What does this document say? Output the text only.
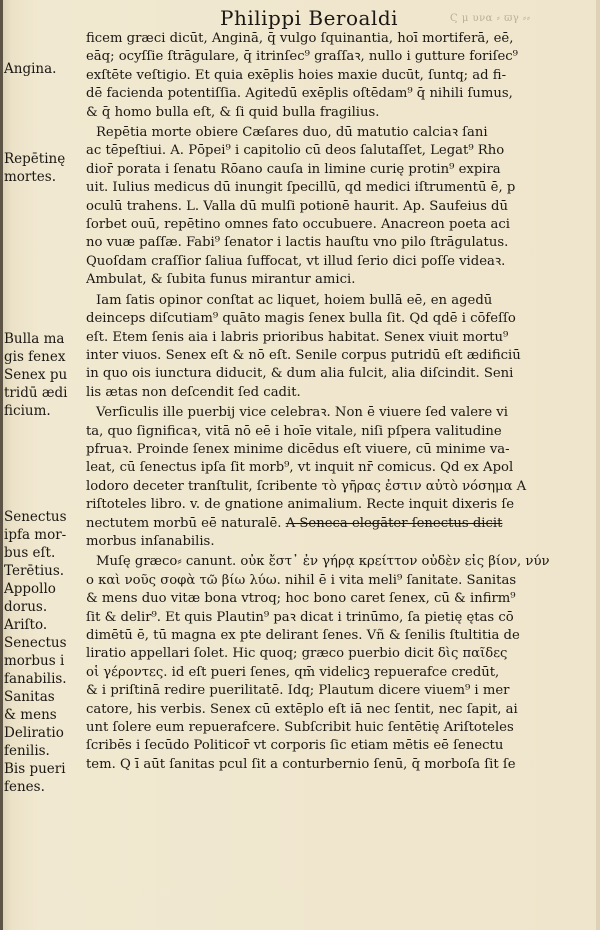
Philippi Beroaldi	Ϛ μ υνα ⸗ ϖγ ⸗⸗
Angina.
Repētinę
mortes.
Bulla ma
gis fenex
Senex pu
tridū ædi
ficium.
Senectus
ipfa mor‑
bus eſt.
Terētius.
Appollo
dorus.
Ariſto.
Senectus
morbus i
fanabilis.
Sanitas
& mens
Deliratio
fenilis.
Bis pueri
fenes.
ficem græci dicūt, Anginā, q̄ vulgo ſquinantia, hoī mortiferā, eē,
eāq; ocyſſie ſtrāgulare, q̄ itrinſec⁹ graſſaꝛ, nullo i gutture foriſec⁹
exſtēte veſtigio. Et quia exēplis hoies maxie ducūt, ſuntq; ad fi‑
dē facienda potentiſſia. Agitedū exēplis oſtēdam⁹ q̄ nihili ſumus,
& q̄ homo bulla eſt, & ſi quid bulla fragilius.
Repētia morte obiere Cæſares duo, dū matutio calciaꝛ ſani
ac tēpeſtiui. A. Pōpei⁹ i capitolio cū deos ſalutaſſet, Legat⁹ Rho
dior̄ porata i ſenatu Rōano cauſa in limine curię protin⁹ expira
uit. Iulius medicus dū inungit ſpecillū, qd medici iſtrumentū ē, p
oculū trahens. L. Valla dū mulſi potionē haurit. Ap. Saufeius dū
ſorbet ouū, repētino omnes fato occubuere. Anacreon poeta aci
no vuæ paſſæ. Fabi⁹ ſenator i lactis hauſtu vno pilo ſtrāgulatus.
Quoſdam craſſior ſaliua ſuffocat, vt illud ſerio dici poſſe videaꝛ.
Ambulat, & ſubita funus mirantur amici.
Iam ſatis opinor conſtat ac liquet, hoiem bullā eē, en agedū
deinceps diſcutiam⁹ quāto magis ſenex bulla ſit. Qd qdē i cōfeſſo
eſt. Etem ſenis aia i labris prioribus habitat. Senex viuit mortu⁹
inter viuos. Senex eſt & nō eſt. Senile corpus putridū eſt ædificiū
in quo ois iunctura diducit, & dum alia fulcit, alia diſcindit. Seni
lis ætas non deſcendit ſed cadit.
Verſiculis ille puerbij vice celebraꝛ. Non ē viuere ſed valere vi
ta, quo ſignificaꝛ, vitā nō eē i hoīe vitale, niſi pſpera valitudine
pfruaꝛ. Proinde ſenex minime dicēdus eſt viuere, cū minime va‑
leat, cū ſenectus ipſa ſit morb⁹, vt inquit nr̄ comicus. Qd ex Apol
lodoro deceter tranſtulit, ſcribente τὸ γῆρας ἐστιν αὐτὸ νόσημα A
riſtoteles libro. v. de gnatione animalium. Recte inquit dixeris ſe
nectutem morbū eē naturalē. A Seneca elegāter ſenectus dicit
morbus inſanabilis.
Muſę græco⸗ canunt. οὐκ ἔστ᾽ ἐν γήρᾳ κρείττον οὐδὲν εἰς βίον, νύν
ο καὶ νοῦς σοφὰ τῶ βίω λύω. nihil ē i vita meli⁹ ſanitate. Sanitas
& mens duo vitæ bona vtroq; hoc bono caret ſenex, cū & infirm⁹
ſit & delir⁹. Et quis Plautin⁹ paꝛ dicat i trinūmo, ſa pietię ętas cō
dimētū ē, tū magna ex pte delirant ſenes. Vñ & ſenilis ſtultitia de
liratio appellari ſolet. Hic quoq; græco puerbio dicit δὶς παῖδες
οἱ γέροντες. id eſt pueri ſenes, qm̄ videlicꝫ repuerafce credūt,
& i priſtinā redire puerilitatē. Idq; Plautum dicere viuem⁹ i mer
catore, his verbis. Senex cū extēplo eſt iā nec ſentit, nec ſapit, ai
unt ſolere eum repuerafcere. Subſcribit huic ſentētię Ariſtoteles
ſcribēs i ſecūdo Politicor̄ vt corporis ſic etiam mētis eē ſenectu
tem. Q ī aūt ſanitas pcul ſit a conturbernio ſenū, q̄ morboſa ſit ſe
